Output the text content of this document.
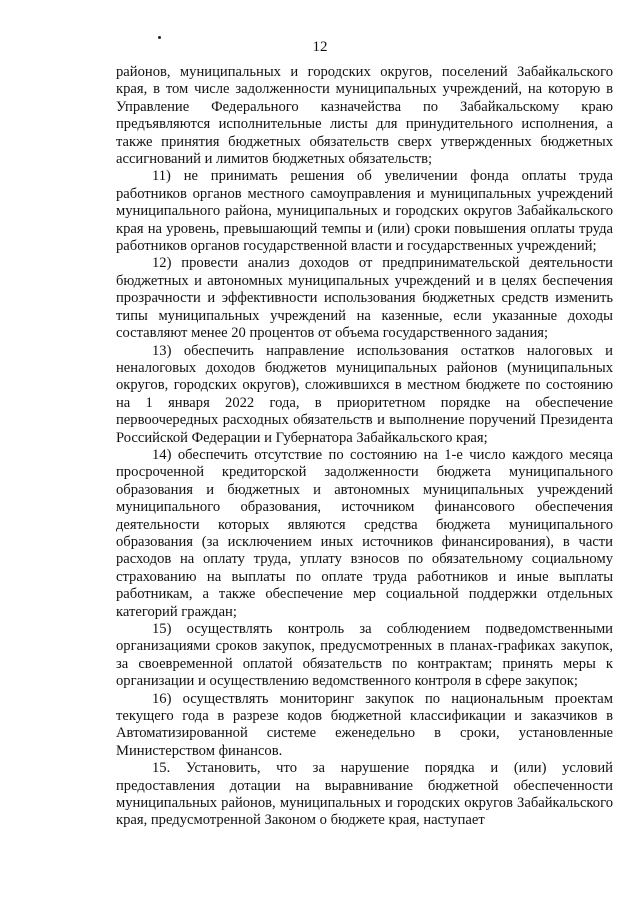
12

районов, муниципальных и городских округов, поселений Забайкальского края, в том числе задолженности муниципальных учреждений, на которую в Управление Федерального казначейства по Забайкальскому краю предъявляются исполнительные листы для принудительного исполнения, а также принятия бюджетных обязательств сверх утвержденных бюджетных ассигнований и лимитов бюджетных обязательств;

11) не принимать решения об увеличении фонда оплаты труда работников органов местного самоуправления и муниципальных учреждений муниципального района, муниципальных и городских округов Забайкальского края на уровень, превышающий темпы и (или) сроки повышения оплаты труда работников органов государственной власти и государственных учреждений;

12) провести анализ доходов от предпринимательской деятельности бюджетных и автономных муниципальных учреждений и в целях беспечения прозрачности и эффективности использования бюджетных средств изменить типы муниципальных учреждений на казенные, если указанные доходы составляют менее 20 процентов от объема государственного задания;

13) обеспечить направление использования остатков налоговых и неналоговых доходов бюджетов муниципальных районов (муниципальных округов, городских округов), сложившихся в местном бюджете по состоянию на 1 января 2022 года, в приоритетном порядке на обеспечение первоочередных расходных обязательств и выполнение поручений Президента Российской Федерации и Губернатора Забайкальского края;

14) обеспечить отсутствие по состоянию на 1-е число каждого месяца просроченной кредиторской задолженности бюджета муниципального образования и бюджетных и автономных муниципальных учреждений муниципального образования, источником финансового обеспечения деятельности которых являются средства бюджета муниципального образования (за исключением иных источников финансирования), в части расходов на оплату труда, уплату взносов по обязательному социальному страхованию на выплаты по оплате труда работников и иные выплаты работникам, а также обеспечение мер социальной поддержки отдельных категорий граждан;

15) осуществлять контроль за соблюдением подведомственными организациями сроков закупок, предусмотренных в планах-графиках закупок, за своевременной оплатой обязательств по контрактам; принять меры к организации и осуществлению ведомственного контроля в сфере закупок;

16) осуществлять мониторинг закупок по национальным проектам текущего года в разрезе кодов бюджетной классификации и заказчиков в Автоматизированной системе еженедельно в сроки, установленные Министерством финансов.

15. Установить, что за нарушение порядка и (или) условий предоставления дотации на выравнивание бюджетной обеспеченности муниципальных районов, муниципальных и городских округов Забайкальского края, предусмотренной Законом о бюджете края, наступает
